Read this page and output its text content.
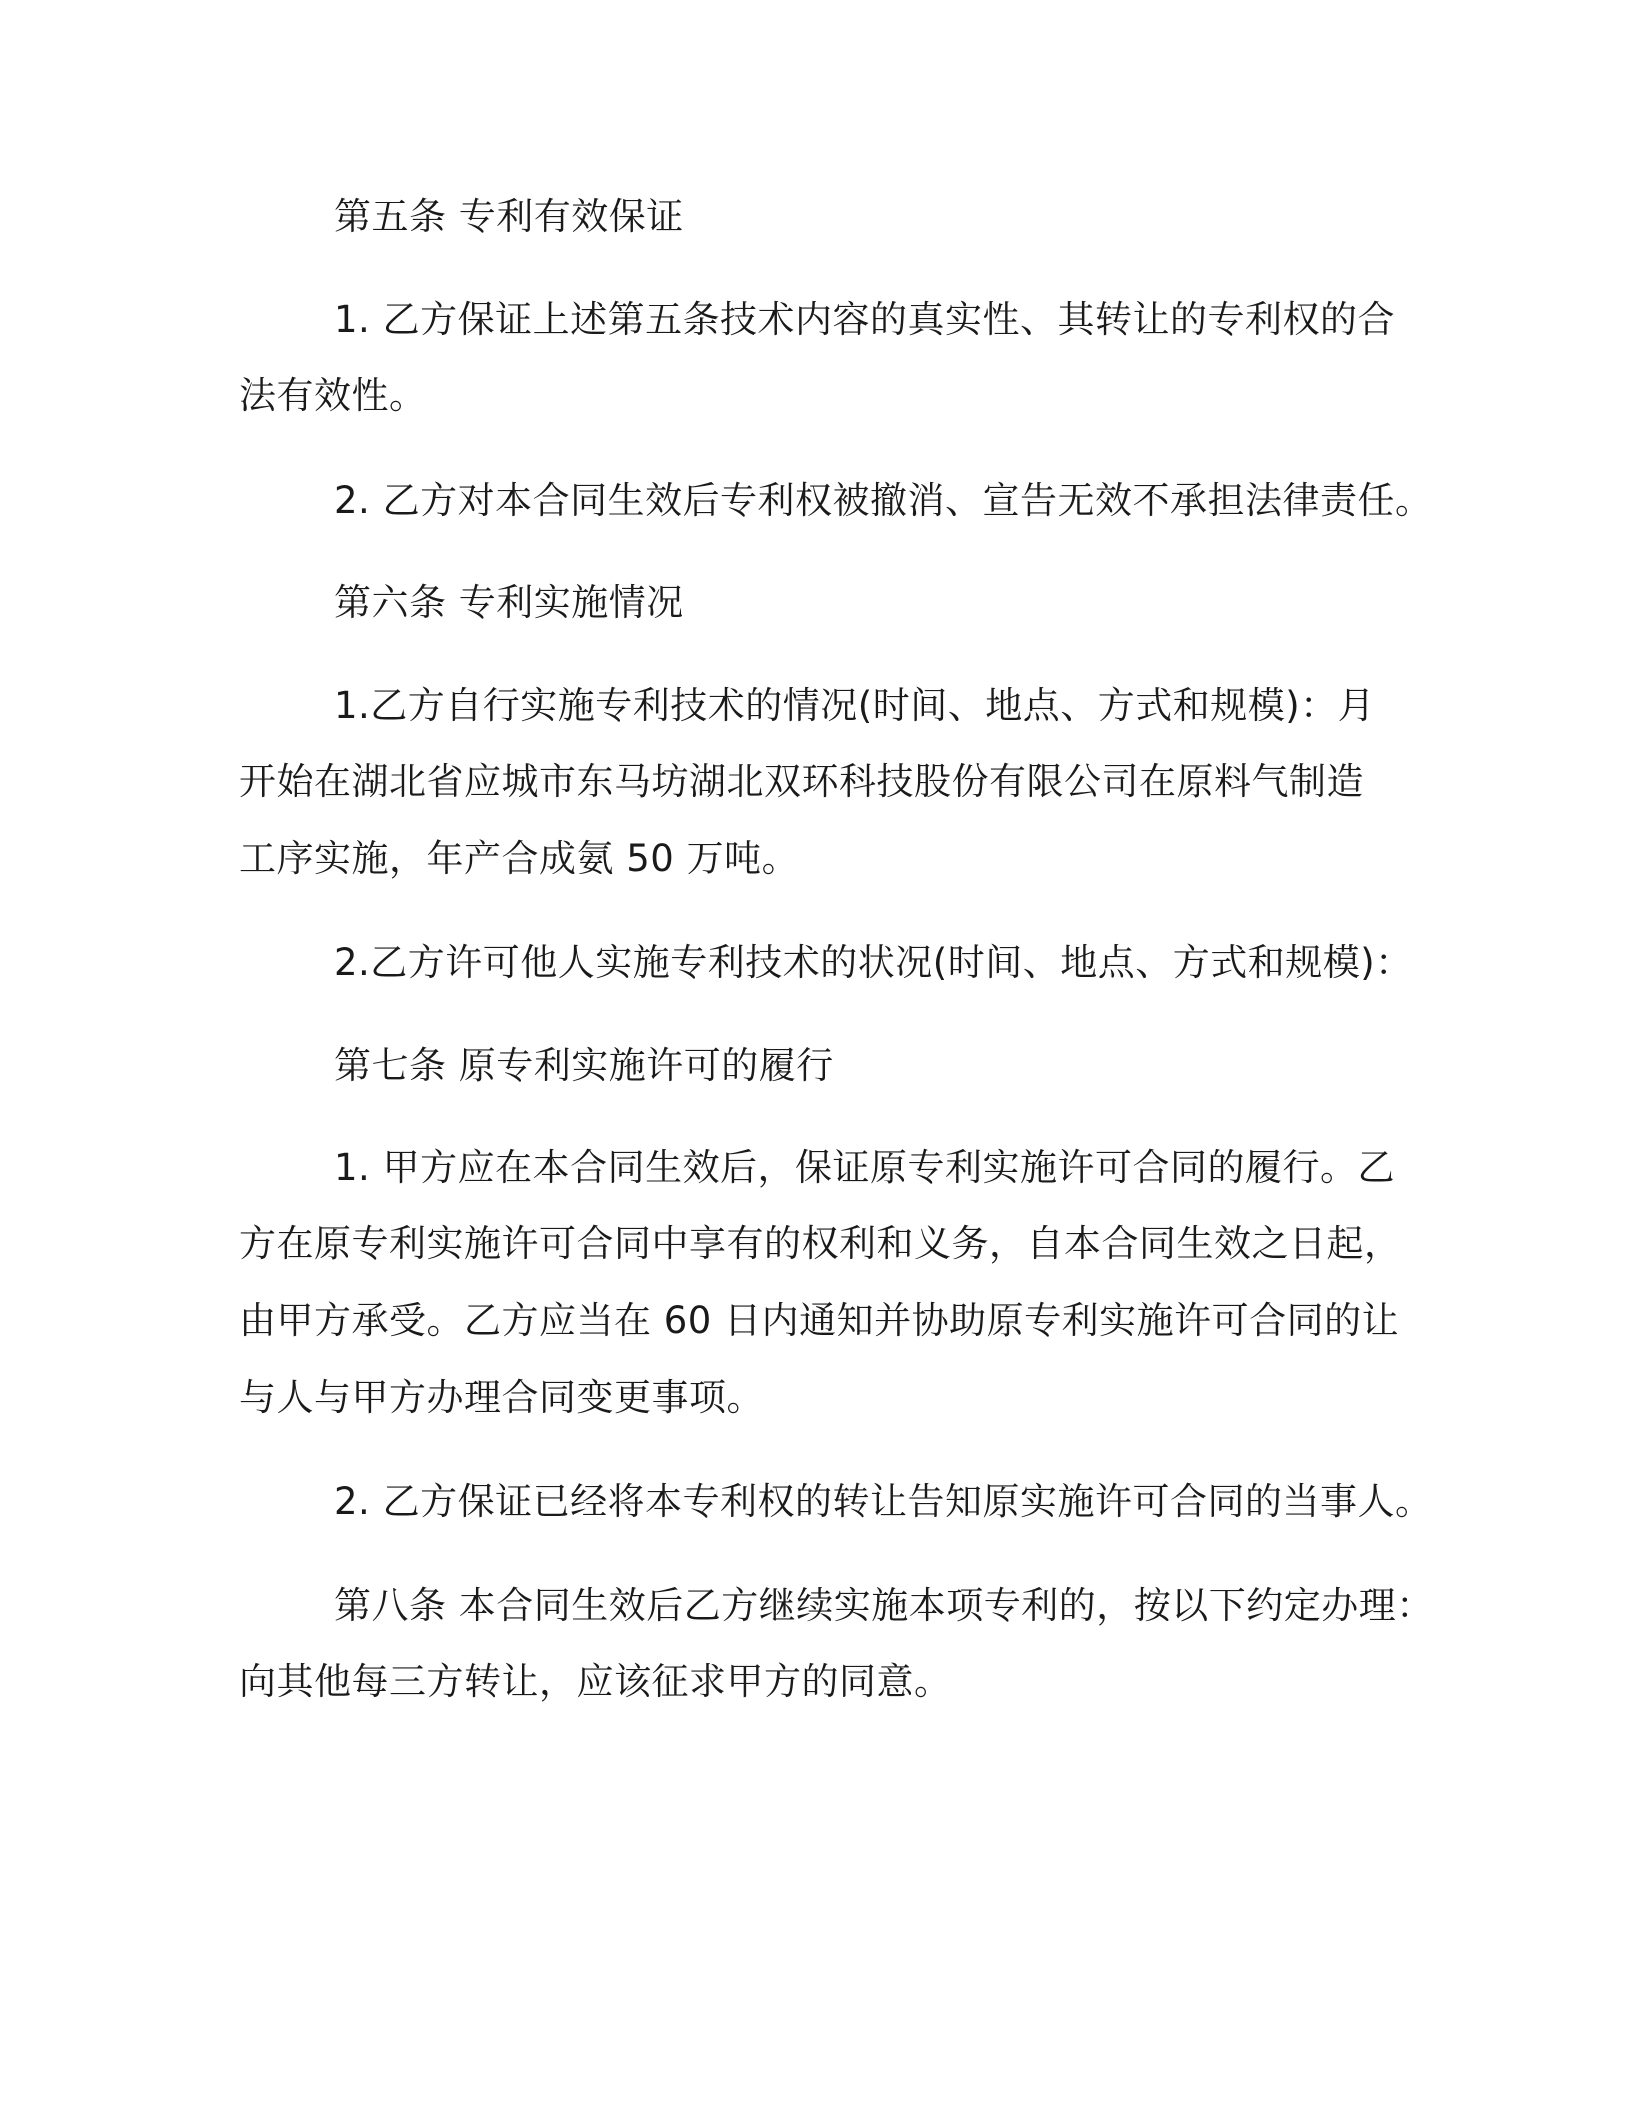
第五条 专利有效保证
1. 乙方保证上述第五条技术内容的真实性、其转让的专利权的合
法有效性。
2. 乙方对本合同生效后专利权被撤消、宣告无效不承担法律责任。
第六条 专利实施情况
1.乙方自行实施专利技术的情况(时间、地点、方式和规模)：月
开始在湖北省应城市东马坊湖北双环科技股份有限公司在原料气制造
工序实施，年产合成氨 50 万吨。
2.乙方许可他人实施专利技术的状况(时间、地点、方式和规模)：
第七条 原专利实施许可的履行
1. 甲方应在本合同生效后，保证原专利实施许可合同的履行。乙
方在原专利实施许可合同中享有的权利和义务，自本合同生效之日起，
由甲方承受。乙方应当在 60 日内通知并协助原专利实施许可合同的让
与人与甲方办理合同变更事项。
2. 乙方保证已经将本专利权的转让告知原实施许可合同的当事人。
第八条 本合同生效后乙方继续实施本项专利的，按以下约定办理：
向其他每三方转让，应该征求甲方的同意。
